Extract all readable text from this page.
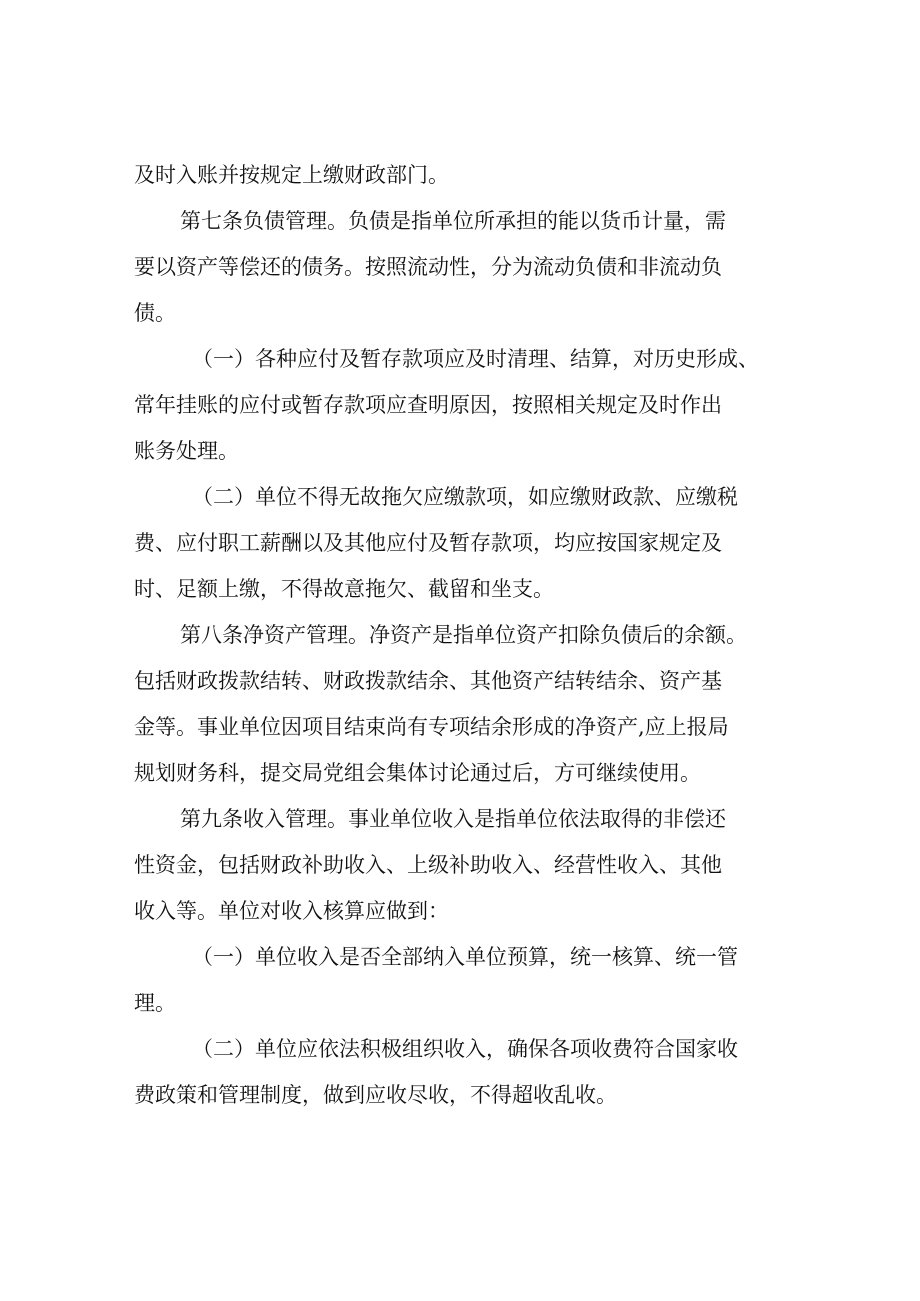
及时入账并按规定上缴财政部门。

第七条负债管理。负债是指单位所承担的能以货币计量，需
要以资产等偿还的债务。按照流动性，分为流动负债和非流动负
债。

（一）各种应付及暂存款项应及时清理、结算，对历史形成、
常年挂账的应付或暂存款项应查明原因，按照相关规定及时作出
账务处理。

（二）单位不得无故拖欠应缴款项，如应缴财政款、应缴税
费、应付职工薪酬以及其他应付及暂存款项，均应按国家规定及
时、足额上缴，不得故意拖欠、截留和坐支。

第八条净资产管理。净资产是指单位资产扣除负债后的余额。
包括财政拨款结转、财政拨款结余、其他资产结转结余、资产基
金等。事业单位因项目结束尚有专项结余形成的净资产,应上报局
规划财务科，提交局党组会集体讨论通过后，方可继续使用。

第九条收入管理。事业单位收入是指单位依法取得的非偿还
性资金，包括财政补助收入、上级补助收入、经营性收入、其他
收入等。单位对收入核算应做到：

（一）单位收入是否全部纳入单位预算，统一核算、统一管
理。

（二）单位应依法积极组织收入，确保各项收费符合国家收
费政策和管理制度，做到应收尽收，不得超收乱收。
